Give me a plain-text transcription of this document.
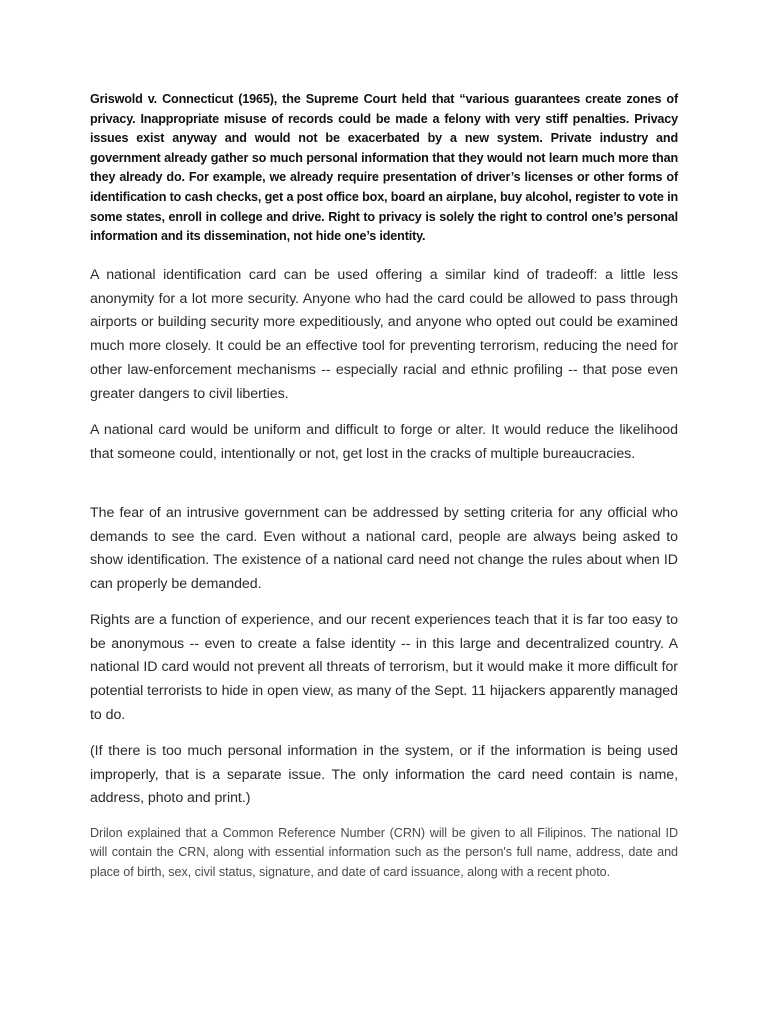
Griswold v. Connecticut (1965), the Supreme Court held that “various guarantees create zones of privacy. Inappropriate misuse of records could be made a felony with very stiff penalties. Privacy issues exist anyway and would not be exacerbated by a new system. Private industry and government already gather so much personal information that they would not learn much more than they already do. For example, we already require presentation of driver’s licenses or other forms of identification to cash checks, get a post office box, board an airplane, buy alcohol, register to vote in some states, enroll in college and drive. Right to privacy is solely the right to control one’s personal information and its dissemination, not hide one’s identity.

A national identification card can be used offering a similar kind of tradeoff: a little less anonymity for a lot more security. Anyone who had the card could be allowed to pass through airports or building security more expeditiously, and anyone who opted out could be examined much more closely. It could be an effective tool for preventing terrorism, reducing the need for other law-enforcement mechanisms -- especially racial and ethnic profiling -- that pose even greater dangers to civil liberties.

A national card would be uniform and difficult to forge or alter. It would reduce the likelihood that someone could, intentionally or not, get lost in the cracks of multiple bureaucracies.

The fear of an intrusive government can be addressed by setting criteria for any official who demands to see the card. Even without a national card, people are always being asked to show identification. The existence of a national card need not change the rules about when ID can properly be demanded.

Rights are a function of experience, and our recent experiences teach that it is far too easy to be anonymous -- even to create a false identity -- in this large and decentralized country. A national ID card would not prevent all threats of terrorism, but it would make it more difficult for potential terrorists to hide in open view, as many of the Sept. 11 hijackers apparently managed to do.

(If there is too much personal information in the system, or if the information is being used improperly, that is a separate issue. The only information the card need contain is name, address, photo and print.)

Drilon explained that a Common Reference Number (CRN) will be given to all Filipinos. The national ID will contain the CRN, along with essential information such as the person's full name, address, date and place of birth, sex, civil status, signature, and date of card issuance, along with a recent photo.
